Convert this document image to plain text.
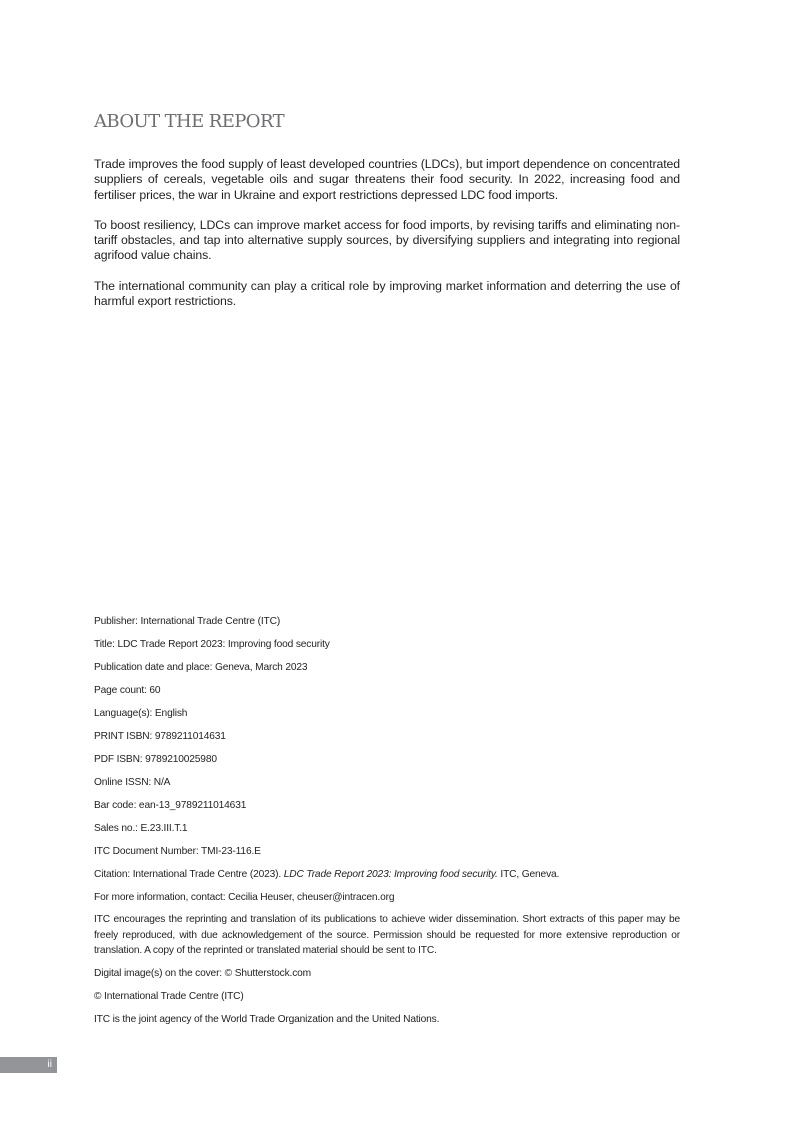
ABOUT THE REPORT

Trade improves the food supply of least developed countries (LDCs), but import dependence on concentrated suppliers of cereals, vegetable oils and sugar threatens their food security. In 2022, increasing food and fertiliser prices, the war in Ukraine and export restrictions depressed LDC food imports.

To boost resiliency, LDCs can improve market access for food imports, by revising tariffs and eliminating non-tariff obstacles, and tap into alternative supply sources, by diversifying suppliers and integrating into regional agrifood value chains.

The international community can play a critical role by improving market information and deterring the use of harmful export restrictions.

Publisher: International Trade Centre (ITC)
Title: LDC Trade Report 2023: Improving food security
Publication date and place: Geneva, March 2023
Page count: 60
Language(s): English
PRINT ISBN: 9789211014631
PDF ISBN: 9789210025980
Online ISSN: N/A
Bar code: ean-13_9789211014631
Sales no.: E.23.III.T.1
ITC Document Number: TMI-23-116.E
Citation: International Trade Centre (2023). LDC Trade Report 2023: Improving food security. ITC, Geneva.
For more information, contact: Cecilia Heuser, cheuser@intracen.org
ITC encourages the reprinting and translation of its publications to achieve wider dissemination. Short extracts of this paper may be freely reproduced, with due acknowledgement of the source. Permission should be requested for more extensive reproduction or translation. A copy of the reprinted or translated material should be sent to ITC.
Digital image(s) on the cover: © Shutterstock.com
© International Trade Centre (ITC)
ITC is the joint agency of the World Trade Organization and the United Nations.
ii
